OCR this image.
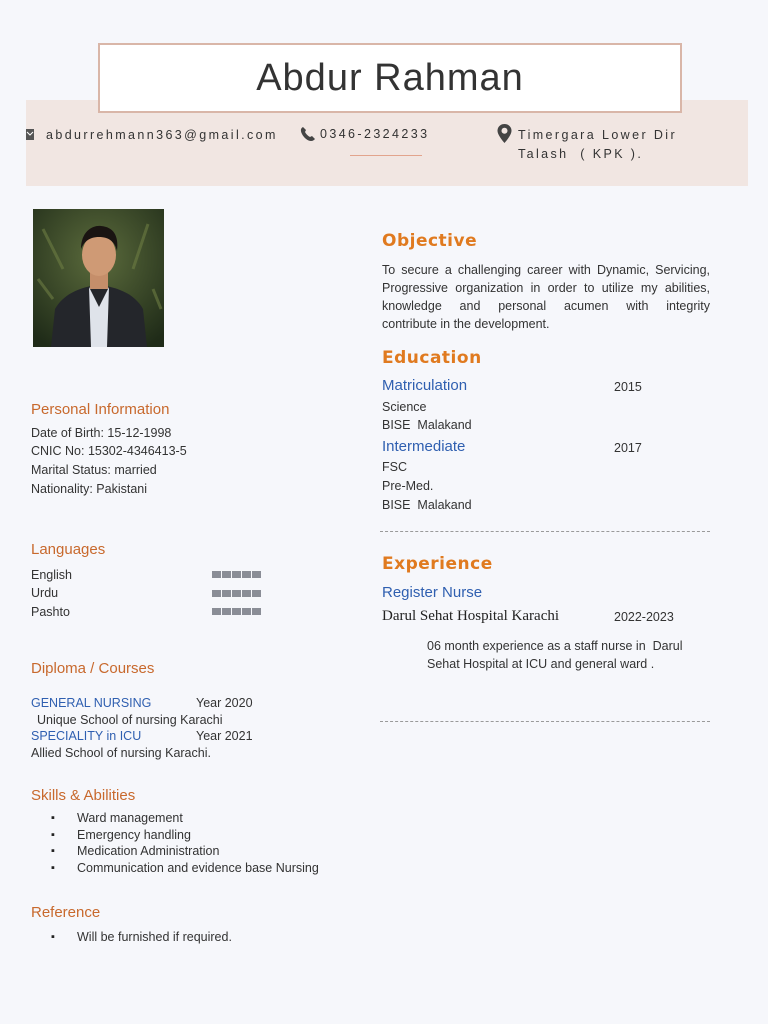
Abdur Rahman
abdurrehmann363@gmail.com	0346-2324233	Timergara Lower Dir
Talash  ( KPK ).
Personal Information
Date of Birth: 15-12-1998
CNIC No: 15302-4346413-5
Marital Status: married
Nationality: Pakistani
Languages
English
Urdu
Pashto
Diploma / Courses
GENERAL NURSING	Year 2020
Unique School of nursing Karachi
SPECIALITY in ICU	Year 2021
Allied School of nursing Karachi.
Skills & Abilities
▪ Ward management
▪ Emergency handling
▪ Medication Administration
▪ Communication and evidence base Nursing
Reference
▪ Will be furnished if required.
Objective
To secure a challenging career with Dynamic, Servicing,
Progressive organization in order to utilize my abilities,
knowledge and personal acumen with integrity
contribute in the development.
Education
Matriculation	2015
Science
BISE  Malakand
Intermediate	2017
FSC
Pre-Med.
BISE  Malakand
Experience
Register Nurse
Darul Sehat Hospital Karachi	2022-2023
06 month experience as a staff nurse in  Darul
Sehat Hospital at ICU and general ward .
